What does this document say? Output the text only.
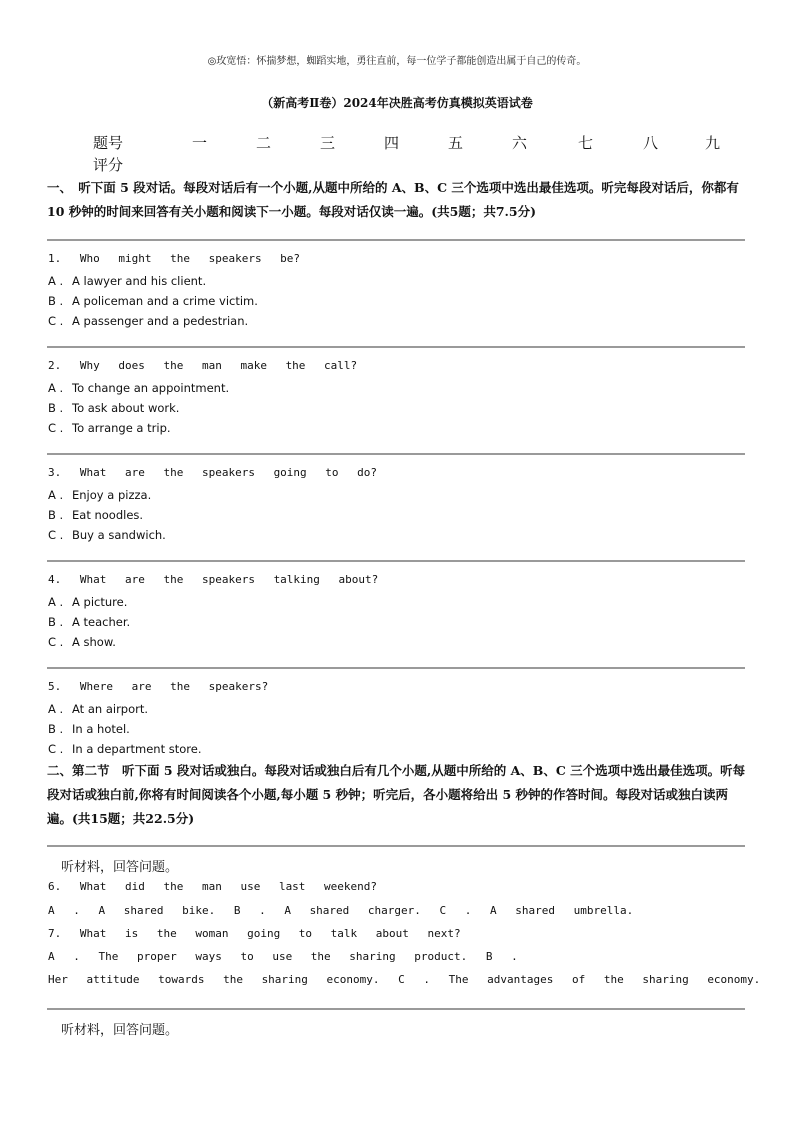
◎玫宽悟：怀揣梦想，蜘蹈实地，勇往直前，每一位学子都能创造出属于自己的传奇。
（新高考Ⅱ卷）2024年决胜高考仿真模拟英语试卷
题号	一	二	三	四	五	六	七	八	九
评分
一、　听下面 5 段对话。每段对话后有一个小题,从题中所给的 A、B、C 三个选项中选出最佳选项。听完每段对话后，你都有 10 秒钟的时间来回答有关小题和阅读下一小题。每段对话仅读一遍。(共5题；共7.5分)
1. Who might the speakers be?
A . A lawyer and his client.
B . A policeman and a crime victim.
C . A passenger and a pedestrian.
2. Why does the man make the call?
A . To change an appointment.
B . To ask about work.
C . To arrange a trip.
3. What are the speakers going to do?
A . Enjoy a pizza.
B . Eat noodles.
C . Buy a sandwich.
4. What are the speakers talking about?
A . A picture.
B . A teacher.
C . A show.
5. Where are the speakers?
A . At an airport.
B . In a hotel.
C . In a department store.
二、第二节　听下面 5 段对话或独白。每段对话或独白后有几个小题,从题中所给的 A、B、C 三个选项中选出最佳选项。听每段对话或独白前,你将有时间阅读各个小题,每小题 5 秒钟；听完后，各小题将给出 5 秒钟的作答时间。每段对话或独白读两遍。(共15题；共22.5分)
听材料，回答问题。
6. What did the man use last weekend?
A . A shared bike. B . A shared charger. C . A shared umbrella.
7. What is the woman going to talk about next?
A . The proper ways to use the sharing product. B .
Her attitude towards the sharing economy. C . The advantages of the sharing economy.
听材料，回答问题。
